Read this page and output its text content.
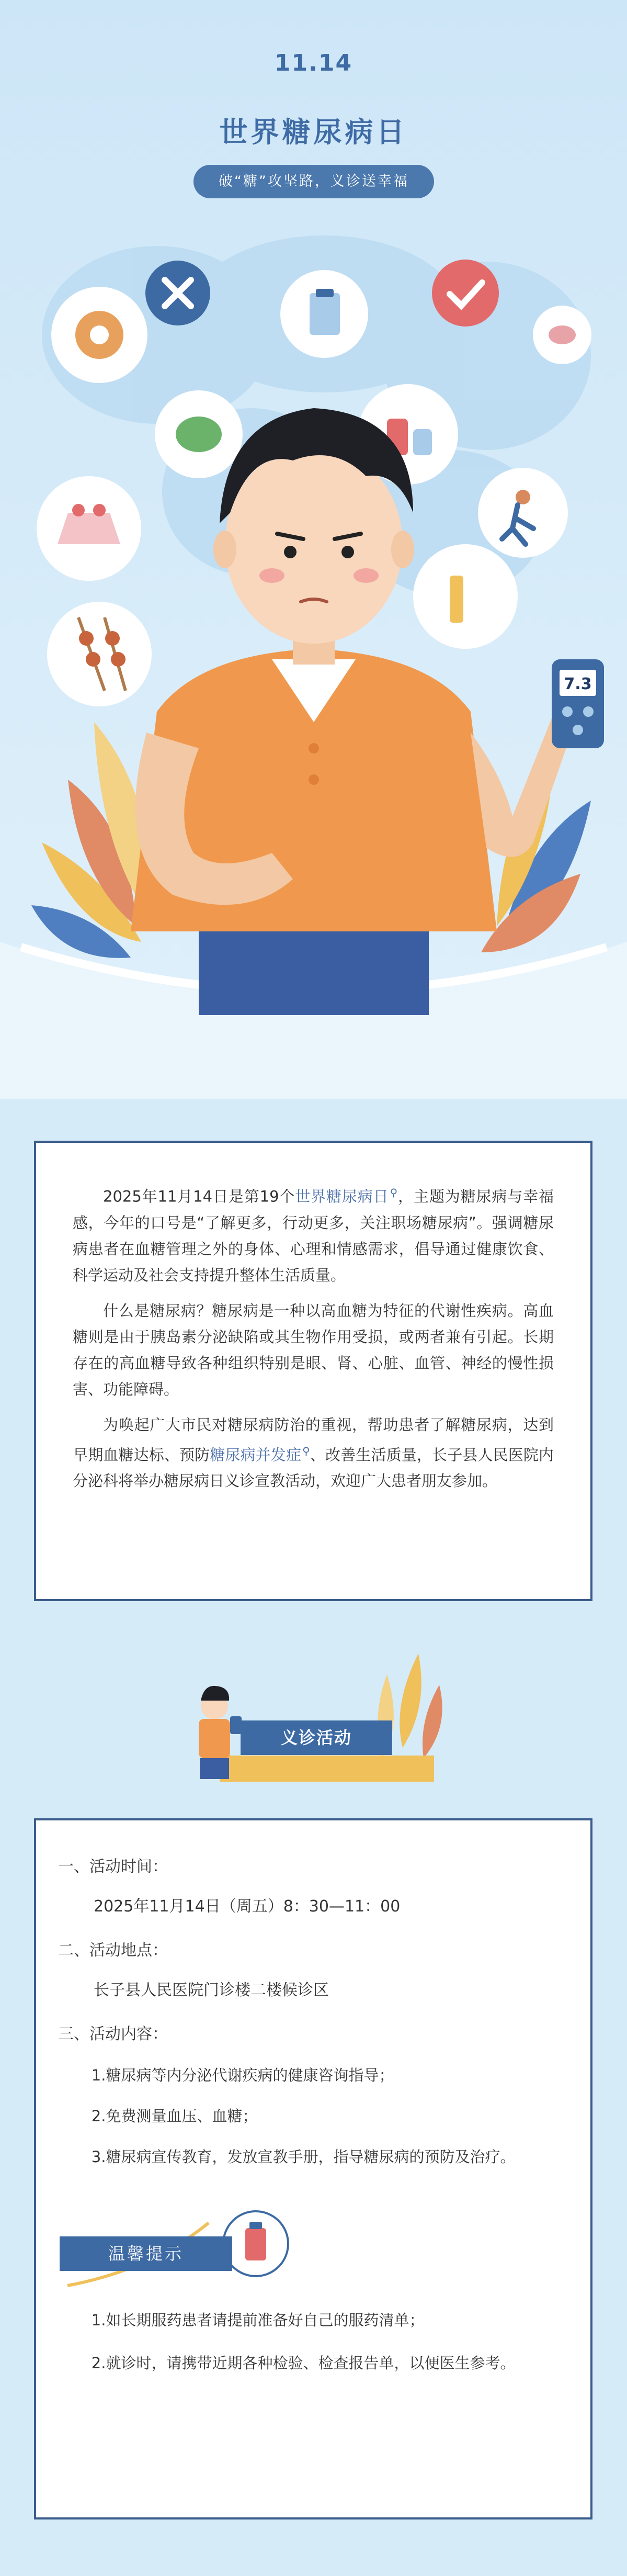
7.3
11.14
世界糖尿病日
破“糖”攻坚路，义诊送幸福

2025年11月14日是第19个世界糖尿病日 ⚲，主题为糖尿病与幸福感，今年的口号是“了解更多，行动更多，关注职场糖尿病”。强调糖尿病患者在血糖管理之外的身体、心理和情感需求，倡导通过健康饮食、科学运动及社会支持提升整体生活质量。

什么是糖尿病？糖尿病是一种以高血糖为特征的代谢性疾病。高血糖则是由于胰岛素分泌缺陷或其生物作用受损，或两者兼有引起。长期存在的高血糖导致各种组织特别是眼、肾、心脏、血管、神经的慢性损害、功能障碍。

为唤起广大市民对糖尿病防治的重视，帮助患者了解糖尿病，达到早期血糖达标、预防糖尿病并发症 ⚲、改善生活质量，长子县人民医院内分泌科将举办糖尿病日义诊宣教活动，欢迎广大患者朋友参加。

义诊活动
一、活动时间：
2025年11月14日（周五）8：30—11：00
二、活动地点：
长子县人民医院门诊楼二楼候诊区
三、活动内容：
1.糖尿病等内分泌代谢疾病的健康咨询指导；
2.免费测量血压、血糖；
3.糖尿病宣传教育，发放宣教手册，指导糖尿病的预防及治疗。
温馨提示
1.如长期服药患者请提前准备好自己的服药清单；
2.就诊时，请携带近期各种检验、检查报告单，以便医生参考。
